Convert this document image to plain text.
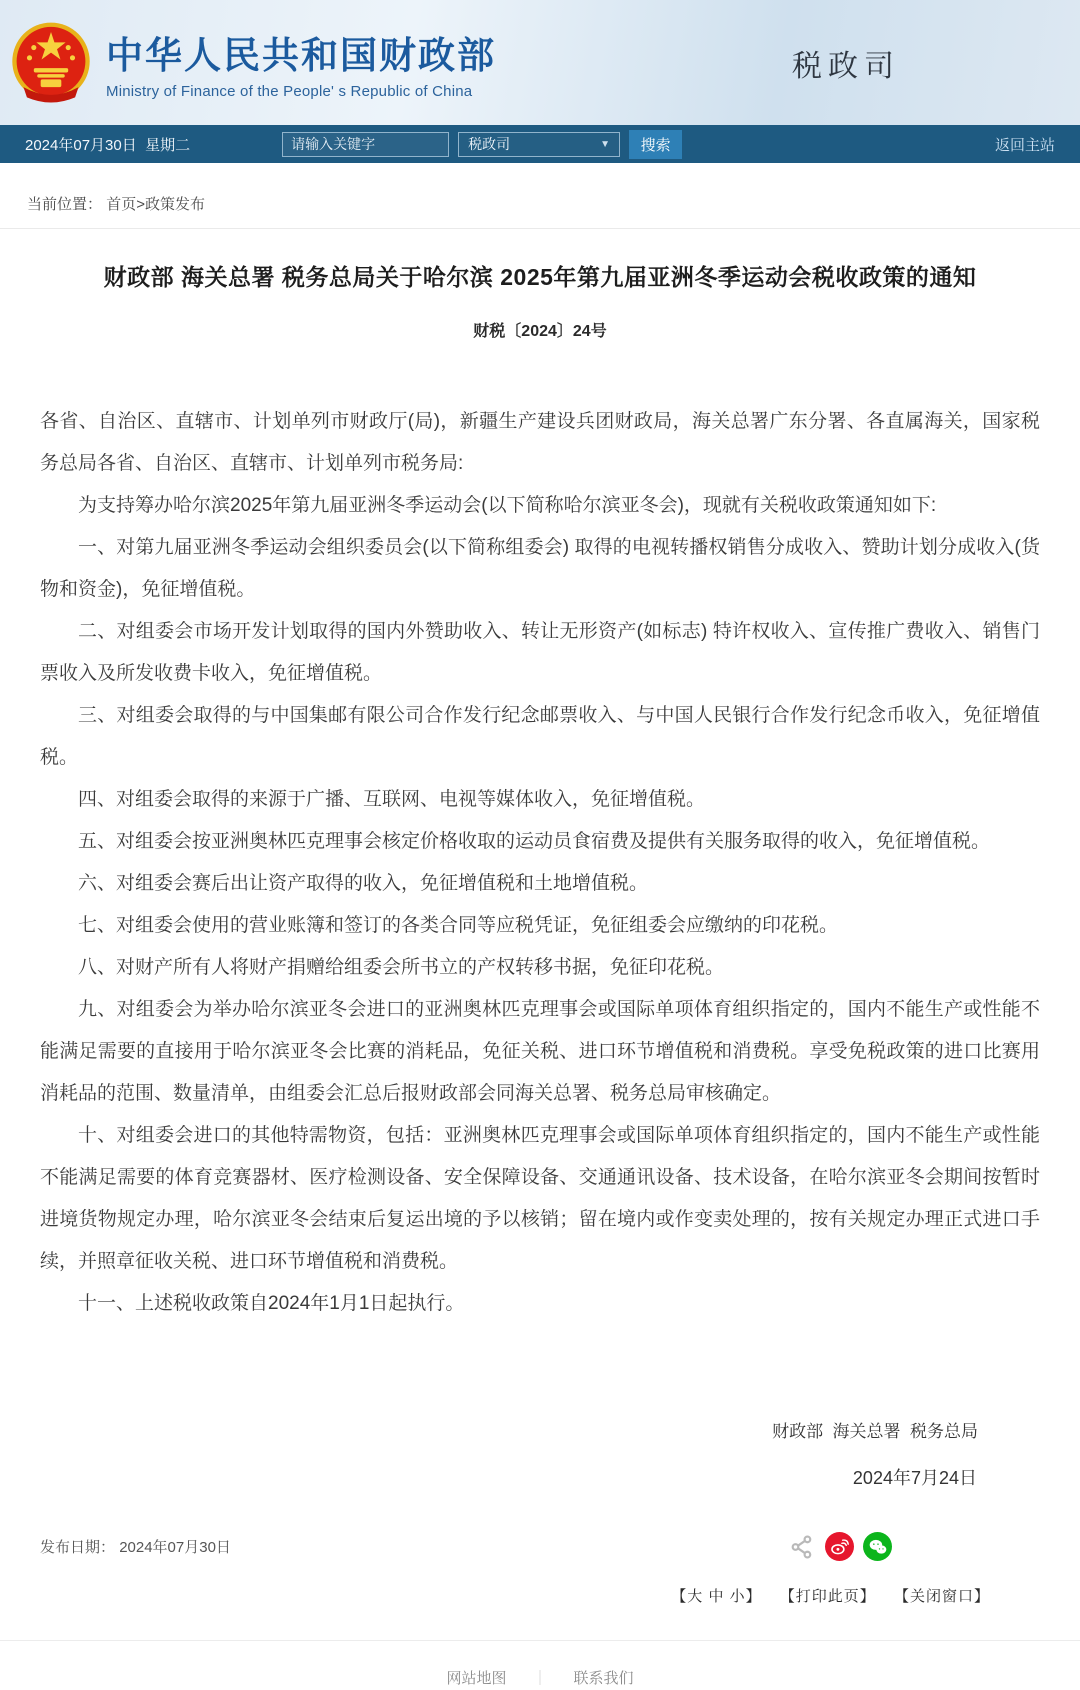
中华人民共和国财政部
Ministry of Finance of the People' s Republic of China
税政司
2024年07月30日  星期二
请输入关键字	税政司	▼	搜索	返回主站
当前位置： 首页>政策发布
财政部 海关总署 税务总局关于哈尔滨 2025年第九届亚洲冬季运动会税收政策的通知
财税〔2024〕24号

各省、自治区、直辖市、计划单列市财政厅(局)，新疆生产建设兵团财政局，海关总署广东分署、各直属海关，国家税务总局各省、自治区、直辖市、计划单列市税务局:

为支持筹办哈尔滨2025年第九届亚洲冬季运动会(以下简称哈尔滨亚冬会)，现就有关税收政策通知如下:

一、对第九届亚洲冬季运动会组织委员会(以下简称组委会) 取得的电视转播权销售分成收入、赞助计划分成收入(货物和资金)，免征增值税。

二、对组委会市场开发计划取得的国内外赞助收入、转让无形资产(如标志) 特许权收入、宣传推广费收入、销售门票收入及所发收费卡收入，免征增值税。

三、对组委会取得的与中国集邮有限公司合作发行纪念邮票收入、与中国人民银行合作发行纪念币收入，免征增值税。

四、对组委会取得的来源于广播、互联网、电视等媒体收入，免征增值税。

五、对组委会按亚洲奥林匹克理事会核定价格收取的运动员食宿费及提供有关服务取得的收入，免征增值税。

六、对组委会赛后出让资产取得的收入，免征增值税和土地增值税。

七、对组委会使用的营业账簿和签订的各类合同等应税凭证，免征组委会应缴纳的印花税。

八、对财产所有人将财产捐赠给组委会所书立的产权转移书据，免征印花税。

九、对组委会为举办哈尔滨亚冬会进口的亚洲奥林匹克理事会或国际单项体育组织指定的，国内不能生产或性能不能满足需要的直接用于哈尔滨亚冬会比赛的消耗品，免征关税、进口环节增值税和消费税。享受免税政策的进口比赛用消耗品的范围、数量清单，由组委会汇总后报财政部会同海关总署、税务总局审核确定。

十、对组委会进口的其他特需物资，包括：亚洲奥林匹克理事会或国际单项体育组织指定的，国内不能生产或性能不能满足需要的体育竞赛器材、医疗检测设备、安全保障设备、交通通讯设备、技术设备，在哈尔滨亚冬会期间按暂时进境货物规定办理，哈尔滨亚冬会结束后复运出境的予以核销；留在境内或作变卖处理的，按有关规定办理正式进口手续，并照章征收关税、进口环节增值税和消费税。

十一、上述税收政策自2024年1月1日起执行。

财政部  海关总署  税务总局
2024年7月24日
发布日期： 2024年07月30日
【大 中 小】 【打印此页】 【关闭窗口】
网站地图 ｜ 联系我们
